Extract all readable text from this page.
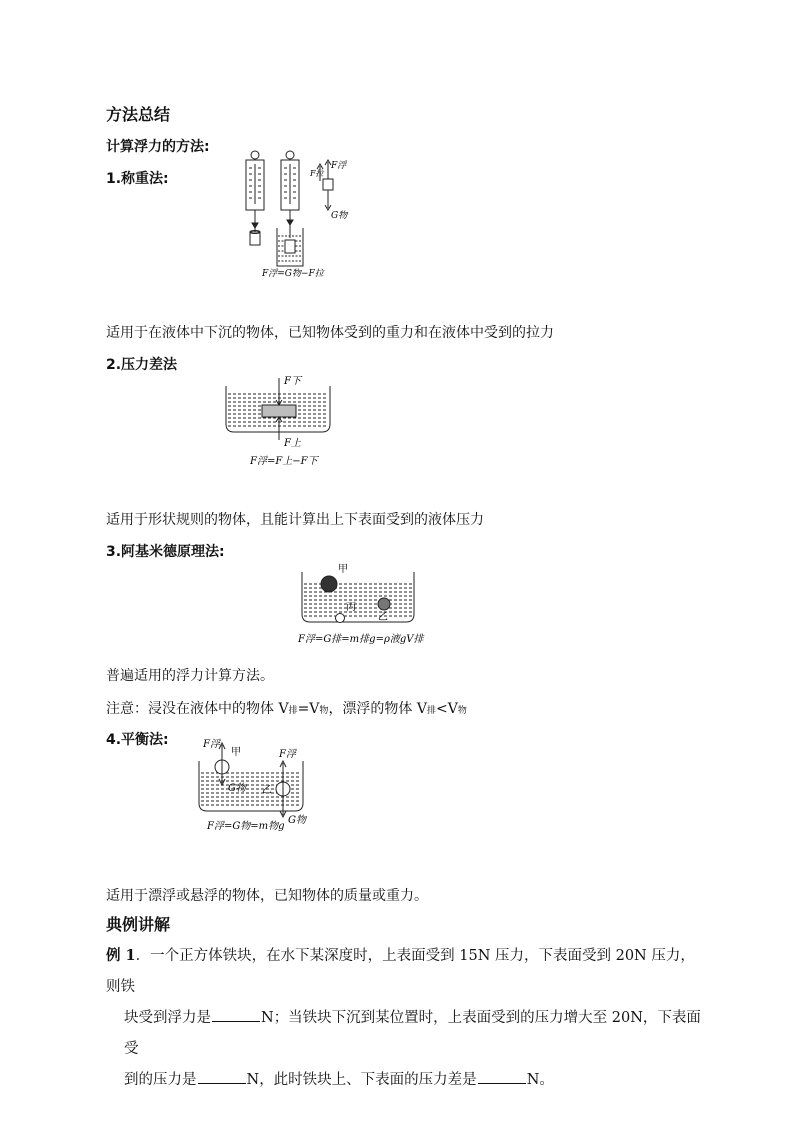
方法总结
计算浮力的方法:
1.称重法:
F浮
F拉
G物
F浮=G物−F拉
适用于在液体中下沉的物体，已知物体受到的重力和在液体中受到的拉力
2.压力差法
F下
F上
F浮=F上−F下
适用于形状规则的物体，且能计算出上下表面受到的液体压力
3.阿基米德原理法:
甲
丙
乙
F浮=G排=m排g=ρ液gV排
普遍适用的浮力计算方法。
注意：浸没在液体中的物体 V排=V物，漂浮的物体 V排<V物
4.平衡法:	F浮
甲	F浮
G物 乙
G物
F浮=G物=m物g
适用于漂浮或悬浮的物体，已知物体的质量或重力。
典例讲解

例 1．一个正方体铁块，在水下某深度时，上表面受到 15N 压力，下表面受到 20N 压力，则铁

块受到浮力是	N；当铁块下沉到某位置时，上表面受到的压力增大至 20N，下表面受

到的压力是	N，此时铁块上、下表面的压力差是	N。
